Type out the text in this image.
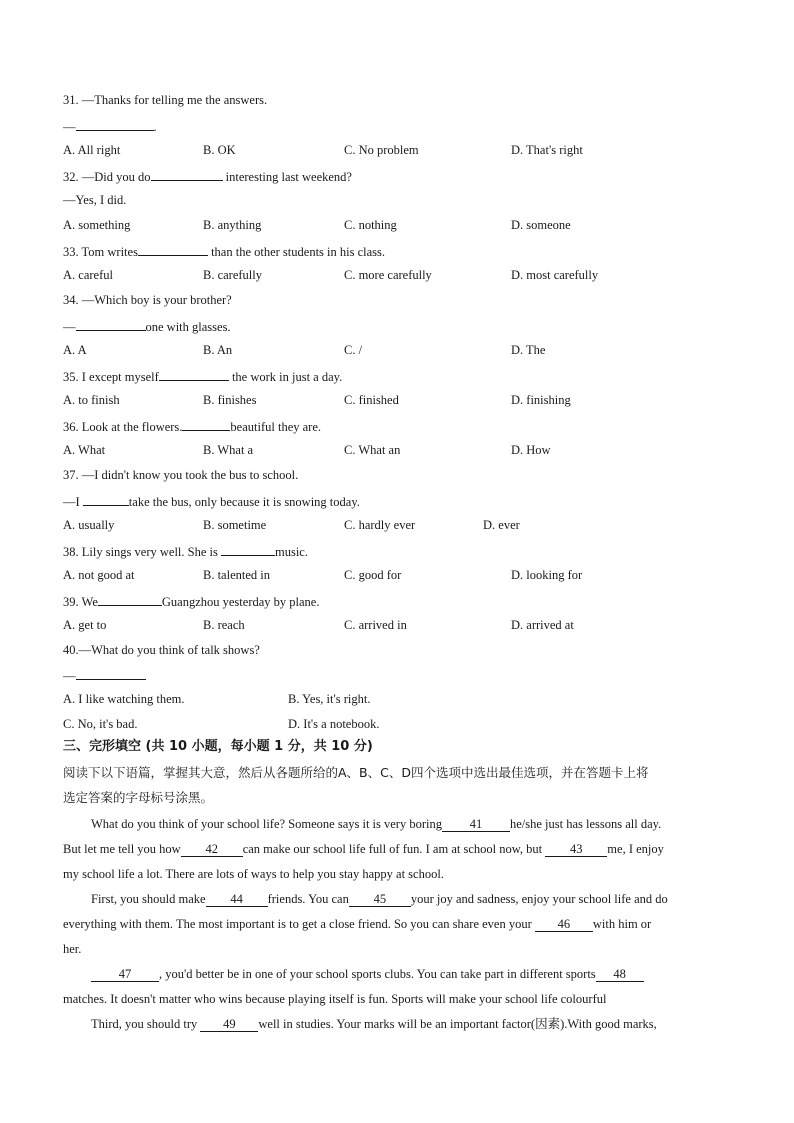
31. —Thanks for telling me the answers.
—	.
A. All right	B. OK	C. No problem	D. That's right
32. —Did you do	interesting last weekend?
—Yes, I did.
A. something	B. anything	C. nothing	D. someone
33. Tom writes	than the other students in his class.
A. careful	B. carefully	C. more carefully	D. most carefully
34. —Which boy is your brother?
—	one with glasses.
A. A	B. An	C. /	D. The
35. I except myself	the work in just a day.
A. to finish	B. finishes	C. finished	D. finishing
36. Look at the flowers.	beautiful they are.
A. What	B. What a	C. What an	D. How
37. —I didn't know you took the bus to school.
—I	take the bus, only because it is snowing today.
A. usually	B. sometime	C. hardly ever	D. ever
38. Lily sings very well. She is	music.
A. not good at	B. talented in	C. good for	D. looking for
39. We	Guangzhou yesterday by plane.
A. get to	B. reach	C. arrived in	D. arrived at
40.—What do you think of talk shows?
—
A. I like watching them.	B. Yes, it's right.
C. No, it's bad.	D. It's a notebook.
三、完形填空 (共 10 小题，每小题 1 分，共 10 分)
阅读下以下语篇，掌握其大意，然后从各题所给的A、B、C、D四个选项中选出最佳选项，并在答题卡上将
选定答案的字母标号涂黑。
What do you think of your school life? Someone says it is very boring 41 he/she just has lessons all day.
But let me tell you how 42 can make our school life full of fun. I am at school now, but 43 me, I enjoy
my school life a lot. There are lots of ways to help you stay happy at school.
First, you should make 44 friends. You can 45 your joy and sadness, enjoy your school life and do
everything with them. The most important is to get a close friend. So you can share even your 46 with him or
her.
47 , you'd better be in one of your school sports clubs. You can take part in different sports 48
matches. It doesn't matter who wins because playing itself is fun. Sports will make your school life colourful
Third, you should try 49 well in studies. Your marks will be an important factor(因素).With good marks,
